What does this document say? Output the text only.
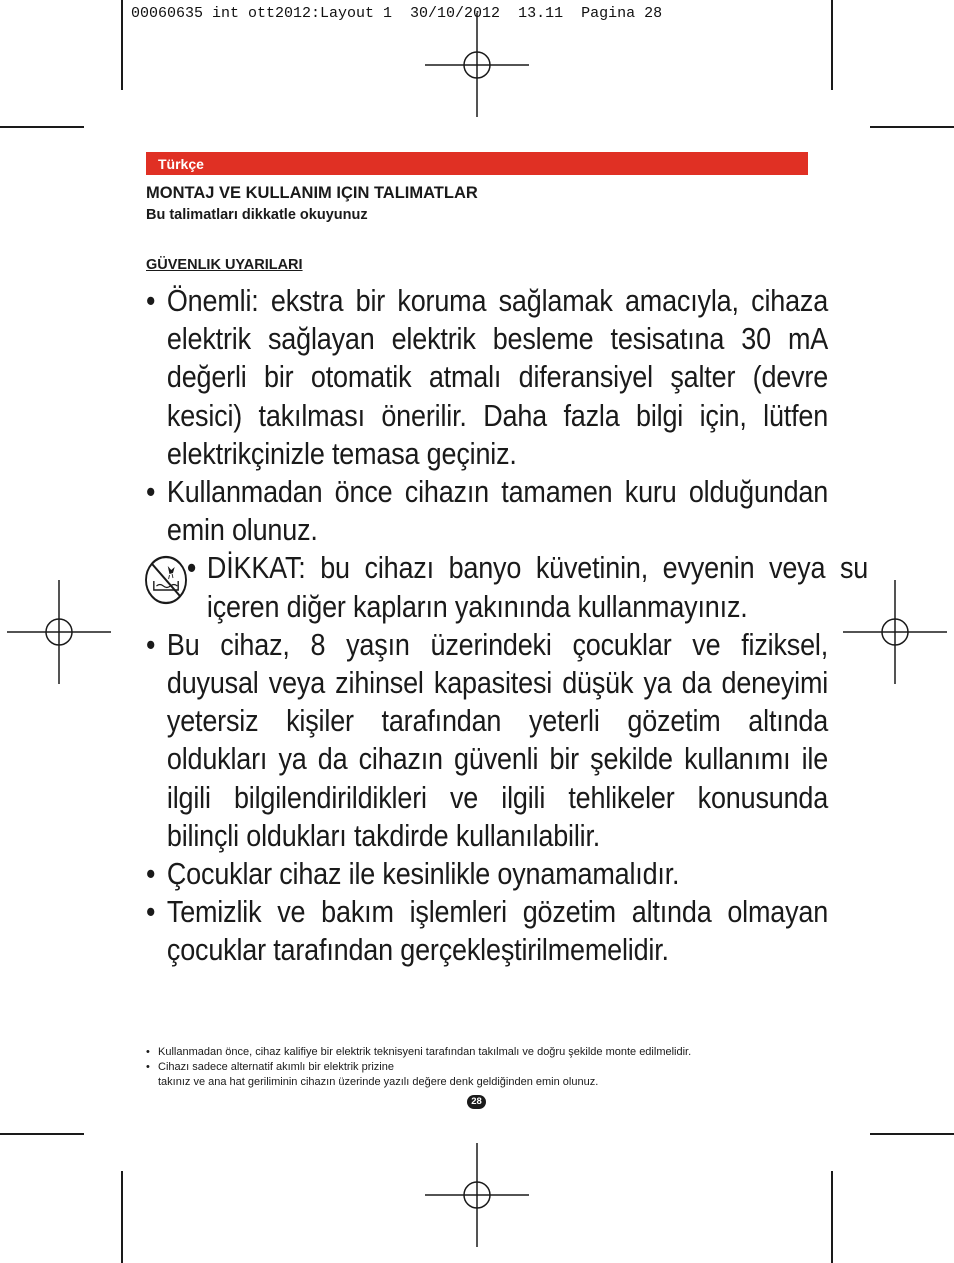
00060635 int ott2012:Layout 1  30/10/2012  13.11  Pagina 28
Türkçe

MONTAJ VE KULLANIM IÇIN TALIMATLAR

Bu talimatları dikkatle okuyunuz

GÜVENLIK UYARILARI

• Önemli: ekstra bir koruma sağlamak amacıyla, cihaza elektrik sağlayan elektrik besleme tesisatına 30 mA değerli bir otomatik atmalı diferansiyel şalter (devre kesici) takılması önerilir. Daha fazla bilgi için, lütfen elektrikçinizle temasa geçiniz.
• Kullanmadan önce cihazın tamamen kuru olduğundan emin olunuz.
• DİKKAT: bu cihazı banyo küvetinin, evyenin veya su içeren diğer kapların yakınında kullanmayınız.
• Bu cihaz, 8 yaşın üzerindeki çocuklar ve fiziksel, duyusal veya zihinsel kapasitesi düşük ya da deneyimi yetersiz kişiler tarafından yeterli gözetim altında oldukları ya da cihazın güvenli bir şekilde kullanımı ile ilgili bilgilendirildikleri ve ilgili tehlikeler konusunda bilinçli oldukları takdirde kullanılabilir.
• Çocuklar cihaz ile kesinlikle oynamamalıdır.
• Temizlik ve bakım işlemleri gözetim altında olmayan çocuklar tarafından gerçekleştirilmemelidir.
• Kullanmadan önce, cihaz kalifiye bir elektrik teknisyeni tarafından takılmalı ve doğru şekilde monte edilmelidir.
• Cihazı sadece alternatif akımlı bir elektrik prizine
takınız ve ana hat geriliminin cihazın üzerinde yazılı değere denk geldiğinden emin olunuz.
28
